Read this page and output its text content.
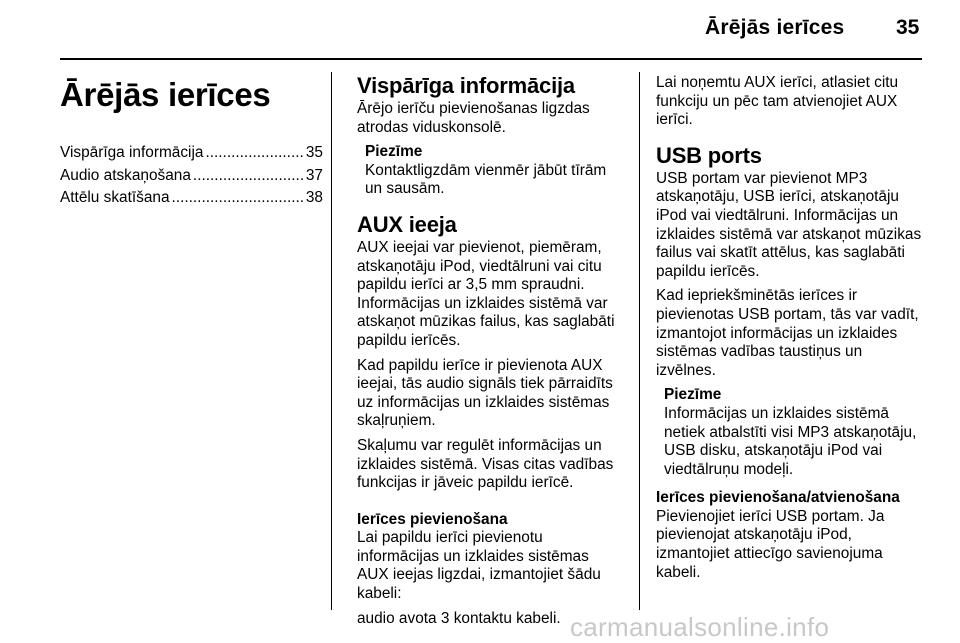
Ārējās ierīces 35
Ārējās ierīces
Vispārīga informācija .....	35
Audio atskaņošana .....	37
Attēlu skatīšana .....	38
Vispārīga informācija

Ārējo ierīču pievienošanas ligzdas atrodas viduskonsolē.

Piezīme
Kontaktligzdām vienmēr jābūt tīrām un sausām.
AUX ieeja

AUX ieejai var pievienot, piemēram, atskaņotāju iPod, viedtālruni vai citu papildu ierīci ar 3,5 mm spraudni. Informācijas un izklaides sistēmā var atskaņot mūzikas failus, kas saglabāti papildu ierīcēs.

Kad papildu ierīce ir pievienota AUX ieejai, tās audio signāls tiek pārraidīts uz informācijas un izklaides sistēmas skaļruņiem.

Skaļumu var regulēt informācijas un izklaides sistēmā. Visas citas vadības funkcijas ir jāveic papildu ierīcē.

Ierīces pievienošana

Lai papildu ierīci pievienotu informācijas un izklaides sistēmas AUX ieejas ligzdai, izmantojiet šādu kabeli:

audio avota 3 kontaktu kabeli.

Lai noņemtu AUX ierīci, atlasiet citu funkciju un pēc tam atvienojiet AUX ierīci.

USB ports

USB portam var pievienot MP3 atskaņotāju, USB ierīci, atskaņotāju iPod vai viedtālruni. Informācijas un izklaides sistēmā var atskaņot mūzikas failus vai skatīt attēlus, kas saglabāti papildu ierīcēs.

Kad iepriekšminētās ierīces ir pievienotas USB portam, tās var vadīt, izmantojot informācijas un izklaides sistēmas vadības taustiņus un izvēlnes.

Piezīme
Informācijas un izklaides sistēmā netiek atbalstīti visi MP3 atskaņotāju, USB disku, atskaņotāju iPod vai viedtālruņu modeļi.
Ierīces pievienošana/atvienošana

Pievienojiet ierīci USB portam. Ja pievienojat atskaņotāju iPod, izmantojiet attiecīgo savienojuma kabeli.

carmanualsonline.info
